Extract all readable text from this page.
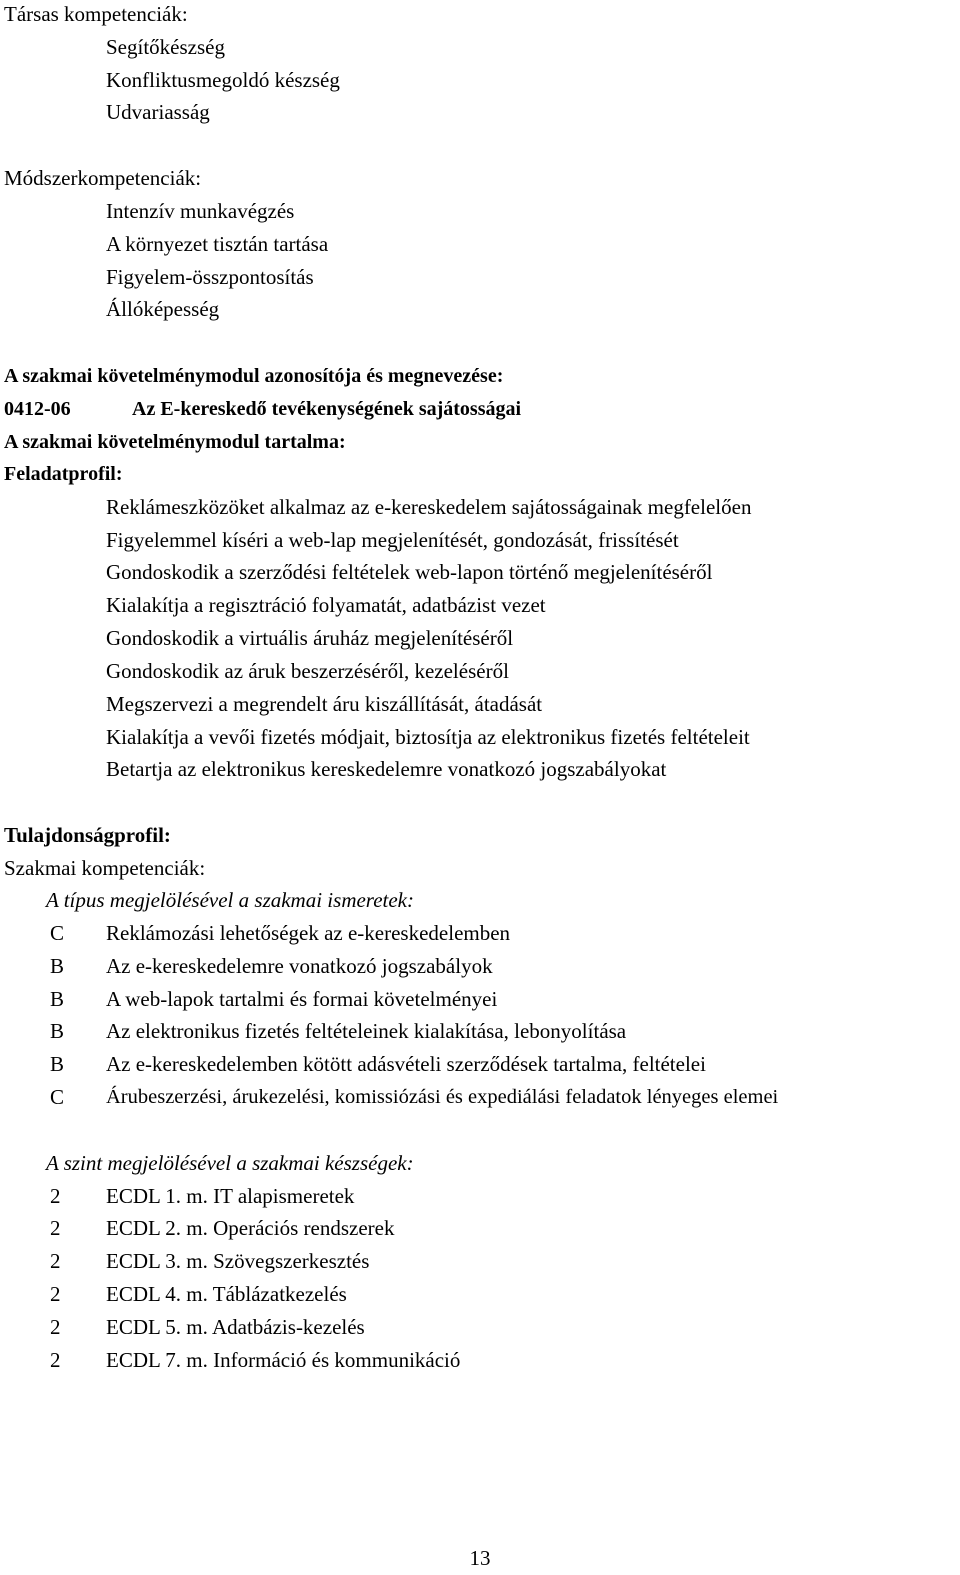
Társas kompetenciák:
Segítőkészség
Konfliktusmegoldó készség
Udvariasság
Módszerkompetenciák:
Intenzív munkavégzés
A környezet tisztán tartása
Figyelem-összpontosítás
Állóképesség
A szakmai követelménymodul azonosítója és megnevezése:
0412-06	Az E-kereskedő tevékenységének sajátosságai
A szakmai követelménymodul tartalma:
Feladatprofil:
Reklámeszközöket alkalmaz az e-kereskedelem sajátosságainak megfelelően
Figyelemmel kíséri a web-lap megjelenítését, gondozását, frissítését
Gondoskodik a szerződési feltételek web-lapon történő megjelenítéséről
Kialakítja a regisztráció folyamatát, adatbázist vezet
Gondoskodik a virtuális áruház megjelenítéséről
Gondoskodik az áruk beszerzéséről, kezeléséről
Megszervezi a megrendelt áru kiszállítását, átadását
Kialakítja a vevői fizetés módjait, biztosítja az elektronikus fizetés feltételeit
Betartja az elektronikus kereskedelemre vonatkozó jogszabályokat
Tulajdonságprofil:
Szakmai kompetenciák:
A típus megjelölésével a szakmai ismeretek:
C Reklámozási lehetőségek az e-kereskedelemben
B Az e-kereskedelemre vonatkozó jogszabályok
B A web-lapok tartalmi és formai követelményei
B Az elektronikus fizetés feltételeinek kialakítása, lebonyolítása
B Az e-kereskedelemben kötött adásvételi szerződések tartalma, feltételei
C Árubeszerzési, árukezelési, komissiózási és expediálási feladatok lényeges elemei
A szint megjelölésével a szakmai készségek:
2 ECDL 1. m. IT alapismeretek
2 ECDL 2. m. Operációs rendszerek
2 ECDL 3. m. Szövegszerkesztés
2 ECDL 4. m. Táblázatkezelés
2 ECDL 5. m. Adatbázis-kezelés
2 ECDL 7. m. Információ és kommunikáció
13
